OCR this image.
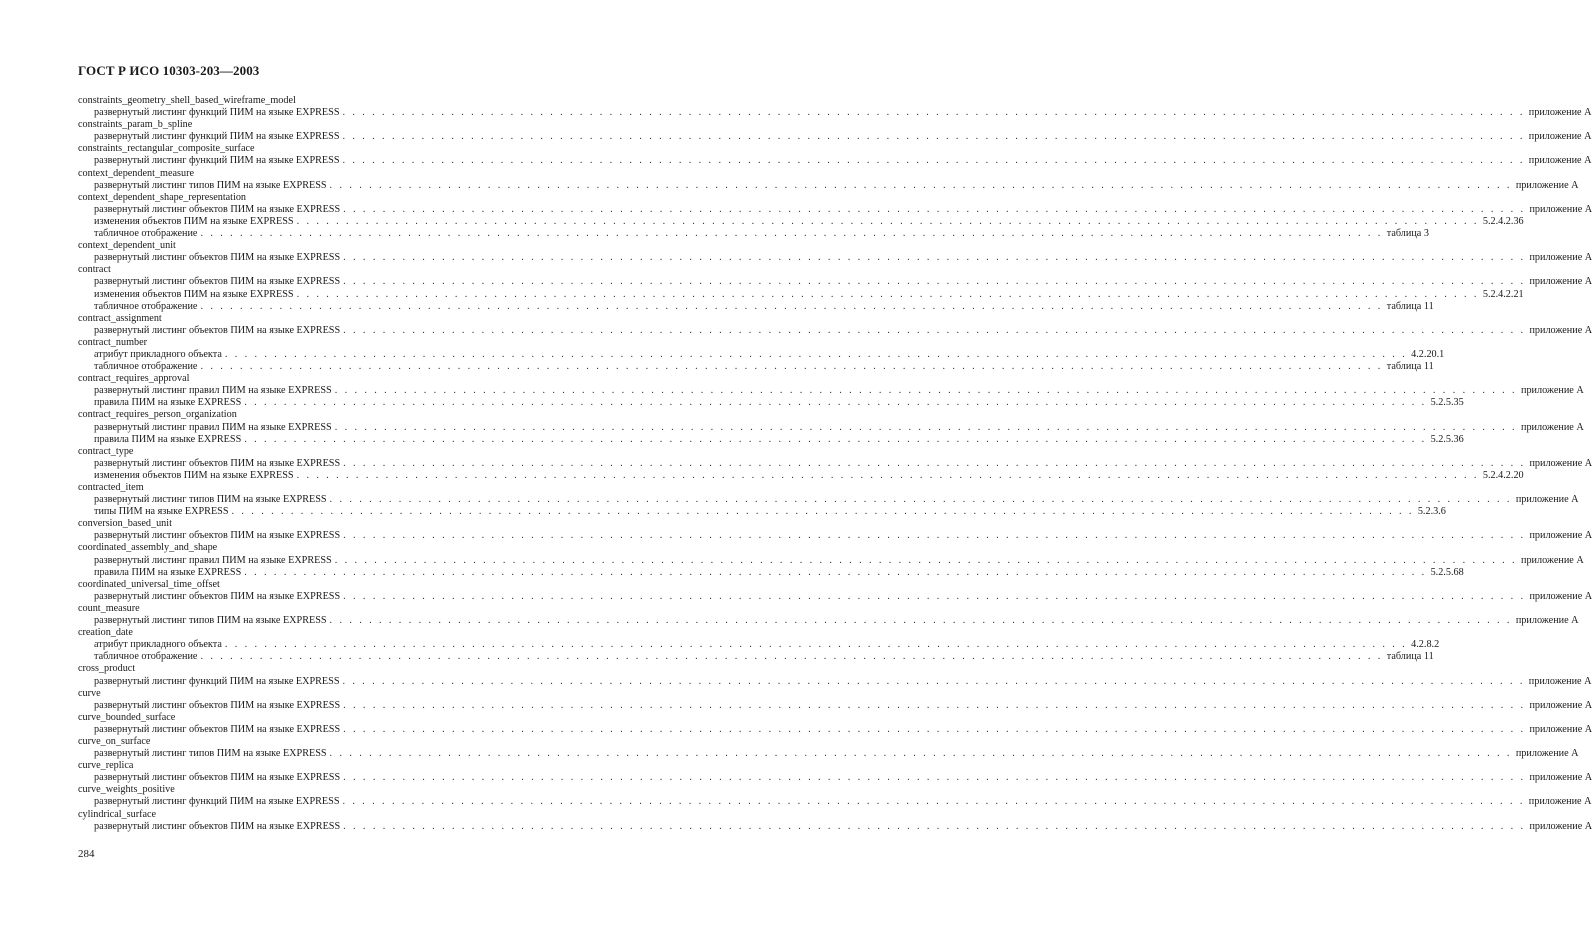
ГОСТ Р ИСО 10303-203—2003
constraints_geometry_shell_based_wireframe_model
развернутый листинг функций ПИМ на языке EXPRESS . . . . . . . . . . . . . . . . . . . . . . . . . . . . . . . . . . . . . . . . . . . . . . . . . . . . . . . . . . . . . . . . . . . . . . . . . . . . . . . . . . . . . . . . . . . . . . . . . . . . . . . . . . . . . . . . . . . . . . . . приложение А
constraints_param_b_spline
развернутый листинг функций ПИМ на языке EXPRESS . . . . . . . . . . . . . . . . . . . . . . . . . . . . . . . . . . . . . . . . . . . . . . . . . . . . . . . . . . . . . . . . . . . . . . . . . . . . . . . . . . . . . . . . . . . . . . . . . . . . . . . . . . . . . . . . . . . . . . . . приложение А
constraints_rectangular_composite_surface
развернутый листинг функций ПИМ на языке EXPRESS . . . . . . . . . . . . . . . . . . . . . . . . . . . . . . . . . . . . . . . . . . . . . . . . . . . . . . . . . . . . . . . . . . . . . . . . . . . . . . . . . . . . . . . . . . . . . . . . . . . . . . . . . . . . . . . . . . . . . . . . приложение А
context_dependent_measure
развернутый листинг типов ПИМ на языке EXPRESS . . . . . . . . . . . . . . . . . . . . . . . . . . . . . . . . . . . . . . . . . . . . . . . . . . . . . . . . . . . . . . . . . . . . . . . . . . . . . . . . . . . . . . . . . . . . . . . . . . . . . . . . . . . . . . . . . . . . . . . . приложение А
context_dependent_shape_representation
развернутый листинг объектов ПИМ на языке EXPRESS . . . . . . . . . . . . . . . . . . . . . . . . . . . . . . . . . . . . . . . . . . . . . . . . . . . . . . . . . . . . . . . . . . . . . . . . . . . . . . . . . . . . . . . . . . . . . . . . . . . . . . . . . . . . . . . . . . . . . . . . приложение А
изменения объектов ПИМ на языке EXPRESS . . . . . . . . . . . . . . . . . . . . . . . . . . . . . . . . . . . . . . . . . . . . . . . . . . . . . . . . . . . . . . . . . . . . . . . . . . . . . . . . . . . . . . . . . . . . . . . . . . . . . . . . . . . . . . . . . . . . . . . . 5.2.4.2.36
табличное отображение . . . . . . . . . . . . . . . . . . . . . . . . . . . . . . . . . . . . . . . . . . . . . . . . . . . . . . . . . . . . . . . . . . . . . . . . . . . . . . . . . . . . . . . . . . . . . . . . . . . . . . . . . . . . . . . . . . . . . . . . таблица 3
context_dependent_unit
развернутый листинг объектов ПИМ на языке EXPRESS . . . . . . . . . . . . . . . . . . . . . . . . . . . . . . . . . . . . . . . . . . . . . . . . . . . . . . . . . . . . . . . . . . . . . . . . . . . . . . . . . . . . . . . . . . . . . . . . . . . . . . . . . . . . . . . . . . . . . . . . приложение А
contract
развернутый листинг объектов ПИМ на языке EXPRESS . . . . . . . . . . . . . . . . . . . . . . . . . . . . . . . . . . . . . . . . . . . . . . . . . . . . . . . . . . . . . . . . . . . . . . . . . . . . . . . . . . . . . . . . . . . . . . . . . . . . . . . . . . . . . . . . . . . . . . . . приложение А
изменения объектов ПИМ на языке EXPRESS . . . . . . . . . . . . . . . . . . . . . . . . . . . . . . . . . . . . . . . . . . . . . . . . . . . . . . . . . . . . . . . . . . . . . . . . . . . . . . . . . . . . . . . . . . . . . . . . . . . . . . . . . . . . . . . . . . . . . . . . 5.2.4.2.21
табличное отображение . . . . . . . . . . . . . . . . . . . . . . . . . . . . . . . . . . . . . . . . . . . . . . . . . . . . . . . . . . . . . . . . . . . . . . . . . . . . . . . . . . . . . . . . . . . . . . . . . . . . . . . . . . . . . . . . . . . . . . . . таблица 11
contract_assignment
развернутый листинг объектов ПИМ на языке EXPRESS . . . . . . . . . . . . . . . . . . . . . . . . . . . . . . . . . . . . . . . . . . . . . . . . . . . . . . . . . . . . . . . . . . . . . . . . . . . . . . . . . . . . . . . . . . . . . . . . . . . . . . . . . . . . . . . . . . . . . . . . приложение А
contract_number
атрибут прикладного объекта . . . . . . . . . . . . . . . . . . . . . . . . . . . . . . . . . . . . . . . . . . . . . . . . . . . . . . . . . . . . . . . . . . . . . . . . . . . . . . . . . . . . . . . . . . . . . . . . . . . . . . . . . . . . . . . . . . . . . . . . 4.2.20.1
табличное отображение . . . . . . . . . . . . . . . . . . . . . . . . . . . . . . . . . . . . . . . . . . . . . . . . . . . . . . . . . . . . . . . . . . . . . . . . . . . . . . . . . . . . . . . . . . . . . . . . . . . . . . . . . . . . . . . . . . . . . . . . таблица 11
contract_requires_approval
развернутый листинг правил ПИМ на языке EXPRESS . . . . . . . . . . . . . . . . . . . . . . . . . . . . . . . . . . . . . . . . . . . . . . . . . . . . . . . . . . . . . . . . . . . . . . . . . . . . . . . . . . . . . . . . . . . . . . . . . . . . . . . . . . . . . . . . . . . . . . . . приложение А
правила ПИМ на языке EXPRESS . . . . . . . . . . . . . . . . . . . . . . . . . . . . . . . . . . . . . . . . . . . . . . . . . . . . . . . . . . . . . . . . . . . . . . . . . . . . . . . . . . . . . . . . . . . . . . . . . . . . . . . . . . . . . . . . . . . . . . . . 5.2.5.35
contract_requires_person_organization
развернутый листинг правил ПИМ на языке EXPRESS . . . . . . . . . . . . . . . . . . . . . . . . . . . . . . . . . . . . . . . . . . . . . . . . . . . . . . . . . . . . . . . . . . . . . . . . . . . . . . . . . . . . . . . . . . . . . . . . . . . . . . . . . . . . . . . . . . . . . . . . приложение А
правила ПИМ на языке EXPRESS . . . . . . . . . . . . . . . . . . . . . . . . . . . . . . . . . . . . . . . . . . . . . . . . . . . . . . . . . . . . . . . . . . . . . . . . . . . . . . . . . . . . . . . . . . . . . . . . . . . . . . . . . . . . . . . . . . . . . . . . 5.2.5.36
contract_type
развернутый листинг объектов ПИМ на языке EXPRESS . . . . . . . . . . . . . . . . . . . . . . . . . . . . . . . . . . . . . . . . . . . . . . . . . . . . . . . . . . . . . . . . . . . . . . . . . . . . . . . . . . . . . . . . . . . . . . . . . . . . . . . . . . . . . . . . . . . . . . . . приложение А
изменения объектов ПИМ на языке EXPRESS . . . . . . . . . . . . . . . . . . . . . . . . . . . . . . . . . . . . . . . . . . . . . . . . . . . . . . . . . . . . . . . . . . . . . . . . . . . . . . . . . . . . . . . . . . . . . . . . . . . . . . . . . . . . . . . . . . . . . . . . 5.2.4.2.20
contracted_item
развернутый листинг типов ПИМ на языке EXPRESS . . . . . . . . . . . . . . . . . . . . . . . . . . . . . . . . . . . . . . . . . . . . . . . . . . . . . . . . . . . . . . . . . . . . . . . . . . . . . . . . . . . . . . . . . . . . . . . . . . . . . . . . . . . . . . . . . . . . . . . . приложение А
типы ПИМ на языке EXPRESS . . . . . . . . . . . . . . . . . . . . . . . . . . . . . . . . . . . . . . . . . . . . . . . . . . . . . . . . . . . . . . . . . . . . . . . . . . . . . . . . . . . . . . . . . . . . . . . . . . . . . . . . . . . . . . . . . . . . . . . . 5.2.3.6
conversion_based_unit
развернутый листинг объектов ПИМ на языке EXPRESS . . . . . . . . . . . . . . . . . . . . . . . . . . . . . . . . . . . . . . . . . . . . . . . . . . . . . . . . . . . . . . . . . . . . . . . . . . . . . . . . . . . . . . . . . . . . . . . . . . . . . . . . . . . . . . . . . . . . . . . . приложение А
coordinated_assembly_and_shape
развернутый листинг правил ПИМ на языке EXPRESS . . . . . . . . . . . . . . . . . . . . . . . . . . . . . . . . . . . . . . . . . . . . . . . . . . . . . . . . . . . . . . . . . . . . . . . . . . . . . . . . . . . . . . . . . . . . . . . . . . . . . . . . . . . . . . . . . . . . . . . . приложение А
правила ПИМ на языке EXPRESS . . . . . . . . . . . . . . . . . . . . . . . . . . . . . . . . . . . . . . . . . . . . . . . . . . . . . . . . . . . . . . . . . . . . . . . . . . . . . . . . . . . . . . . . . . . . . . . . . . . . . . . . . . . . . . . . . . . . . . . . 5.2.5.68
coordinated_universal_time_offset
развернутый листинг объектов ПИМ на языке EXPRESS . . . . . . . . . . . . . . . . . . . . . . . . . . . . . . . . . . . . . . . . . . . . . . . . . . . . . . . . . . . . . . . . . . . . . . . . . . . . . . . . . . . . . . . . . . . . . . . . . . . . . . . . . . . . . . . . . . . . . . . . приложение А
count_measure
развернутый листинг типов ПИМ на языке EXPRESS . . . . . . . . . . . . . . . . . . . . . . . . . . . . . . . . . . . . . . . . . . . . . . . . . . . . . . . . . . . . . . . . . . . . . . . . . . . . . . . . . . . . . . . . . . . . . . . . . . . . . . . . . . . . . . . . . . . . . . . . приложение А
creation_date
атрибут прикладного объекта . . . . . . . . . . . . . . . . . . . . . . . . . . . . . . . . . . . . . . . . . . . . . . . . . . . . . . . . . . . . . . . . . . . . . . . . . . . . . . . . . . . . . . . . . . . . . . . . . . . . . . . . . . . . . . . . . . . . . . . . 4.2.8.2
табличное отображение . . . . . . . . . . . . . . . . . . . . . . . . . . . . . . . . . . . . . . . . . . . . . . . . . . . . . . . . . . . . . . . . . . . . . . . . . . . . . . . . . . . . . . . . . . . . . . . . . . . . . . . . . . . . . . . . . . . . . . . . таблица 11
cross_product
развернутый листинг функций ПИМ на языке EXPRESS . . . . . . . . . . . . . . . . . . . . . . . . . . . . . . . . . . . . . . . . . . . . . . . . . . . . . . . . . . . . . . . . . . . . . . . . . . . . . . . . . . . . . . . . . . . . . . . . . . . . . . . . . . . . . . . . . . . . . . . . приложение А
curve
развернутый листинг объектов ПИМ на языке EXPRESS . . . . . . . . . . . . . . . . . . . . . . . . . . . . . . . . . . . . . . . . . . . . . . . . . . . . . . . . . . . . . . . . . . . . . . . . . . . . . . . . . . . . . . . . . . . . . . . . . . . . . . . . . . . . . . . . . . . . . . . . приложение А
curve_bounded_surface
развернутый листинг объектов ПИМ на языке EXPRESS . . . . . . . . . . . . . . . . . . . . . . . . . . . . . . . . . . . . . . . . . . . . . . . . . . . . . . . . . . . . . . . . . . . . . . . . . . . . . . . . . . . . . . . . . . . . . . . . . . . . . . . . . . . . . . . . . . . . . . . . приложение А
curve_on_surface
развернутый листинг типов ПИМ на языке EXPRESS . . . . . . . . . . . . . . . . . . . . . . . . . . . . . . . . . . . . . . . . . . . . . . . . . . . . . . . . . . . . . . . . . . . . . . . . . . . . . . . . . . . . . . . . . . . . . . . . . . . . . . . . . . . . . . . . . . . . . . . . приложение А
curve_replica
развернутый листинг объектов ПИМ на языке EXPRESS . . . . . . . . . . . . . . . . . . . . . . . . . . . . . . . . . . . . . . . . . . . . . . . . . . . . . . . . . . . . . . . . . . . . . . . . . . . . . . . . . . . . . . . . . . . . . . . . . . . . . . . . . . . . . . . . . . . . . . . . приложение А
curve_weights_positive
развернутый листинг функций ПИМ на языке EXPRESS . . . . . . . . . . . . . . . . . . . . . . . . . . . . . . . . . . . . . . . . . . . . . . . . . . . . . . . . . . . . . . . . . . . . . . . . . . . . . . . . . . . . . . . . . . . . . . . . . . . . . . . . . . . . . . . . . . . . . . . . приложение А
cylindrical_surface
развернутый листинг объектов ПИМ на языке EXPRESS . . . . . . . . . . . . . . . . . . . . . . . . . . . . . . . . . . . . . . . . . . . . . . . . . . . . . . . . . . . . . . . . . . . . . . . . . . . . . . . . . . . . . . . . . . . . . . . . . . . . . . . . . . . . . . . . . . . . . . . . приложение А
284
